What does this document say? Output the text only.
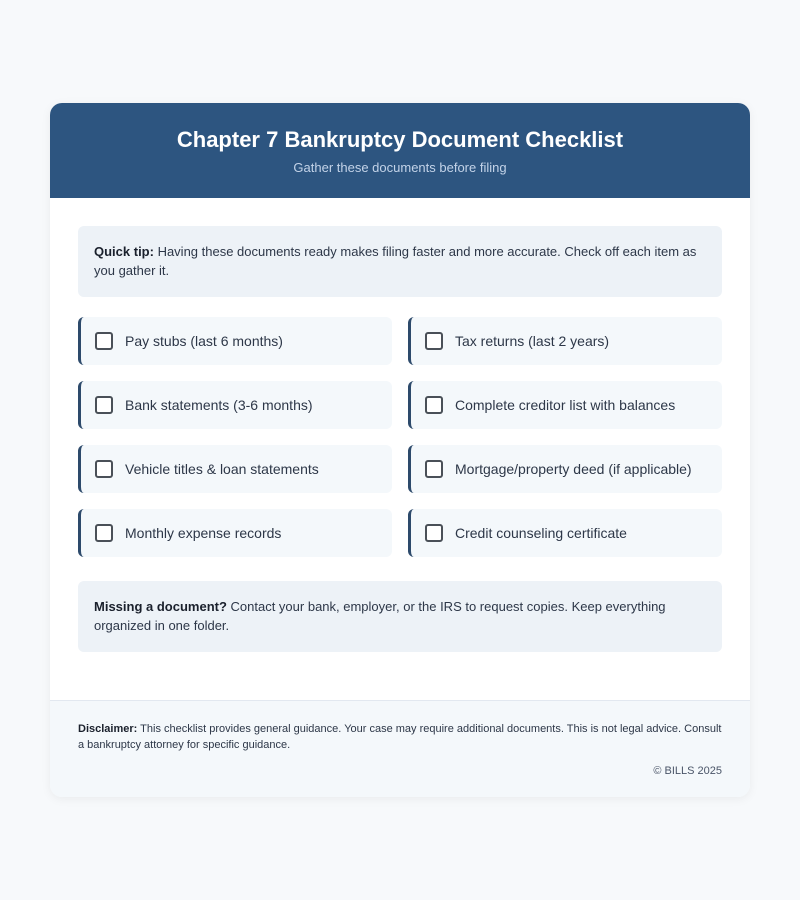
Chapter 7 Bankruptcy Document Checklist
Gather these documents before filing
Quick tip: Having these documents ready makes filing faster and more accurate. Check off each item as you gather it.
Pay stubs (last 6 months)	Tax returns (last 2 years)
Bank statements (3-6 months)	Complete creditor list with balances
Vehicle titles & loan statements	Mortgage/property deed (if applicable)
Monthly expense records	Credit counseling certificate
Missing a document? Contact your bank, employer, or the IRS to request copies. Keep everything organized in one folder.
Disclaimer: This checklist provides general guidance. Your case may require additional documents. This is not legal advice. Consult a bankruptcy attorney for specific guidance.
© BILLS 2025
